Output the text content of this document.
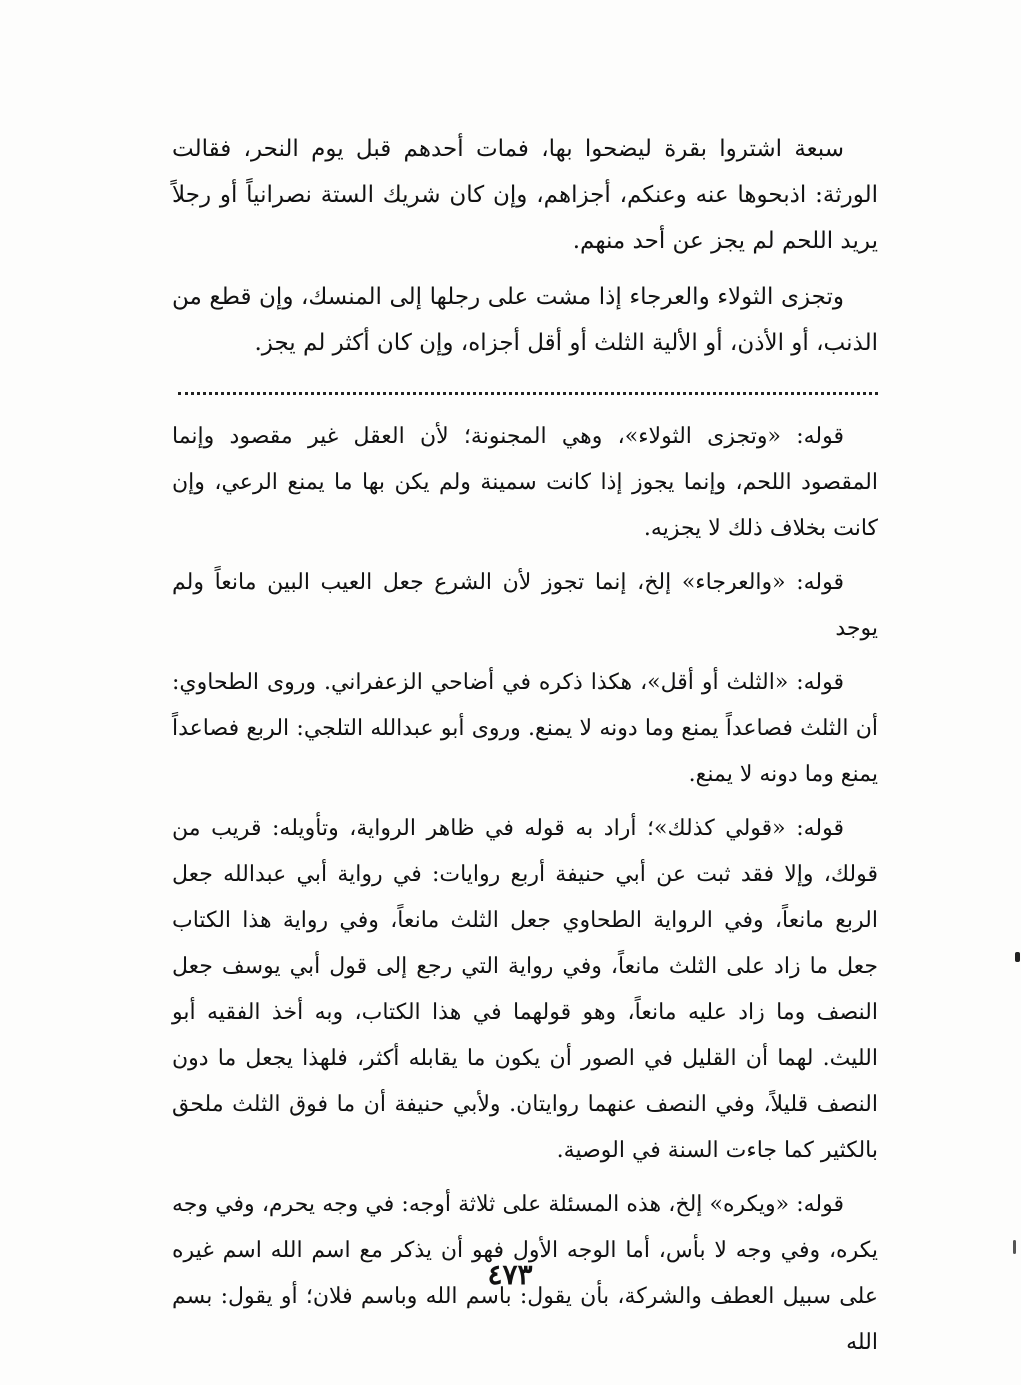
سبعة اشتروا بقرة ليضحوا بها، فمات أحدهم قبل يوم النحر، فقالت الورثة: اذبحوها عنه وعنكم، أجزاهم، وإن كان شريك الستة نصرانياً أو رجلاً يريد اللحم لم يجز عن أحد منهم.

وتجزى الثولاء والعرجاء إذا مشت على رجلها إلى المنسك، وإن قطع من الذنب، أو الأذن، أو الألية الثلث أو أقل أجزاه، وإن كان أكثر لم يجز.

قوله: «وتجزى الثولاء»، وهي المجنونة؛ لأن العقل غير مقصود وإنما المقصود اللحم، وإنما يجوز إذا كانت سمينة ولم يكن بها ما يمنع الرعي، وإن كانت بخلاف ذلك لا يجزيه.

قوله: «والعرجاء» إلخ، إنما تجوز لأن الشرع جعل العيب البين مانعاً ولم يوجد

قوله: «الثلث أو أقل»، هكذا ذكره في أضاحي الزعفراني. وروى الطحاوي: أن الثلث فصاعداً يمنع وما دونه لا يمنع. وروى أبو عبدالله التلجي: الربع فصاعداً يمنع وما دونه لا يمنع.

قوله: «قولي كذلك»؛ أراد به قوله في ظاهر الرواية، وتأويله: قريب من قولك، وإلا فقد ثبت عن أبي حنيفة أربع روايات: في رواية أبي عبدالله جعل الربع مانعاً، وفي الرواية الطحاوي جعل الثلث مانعاً، وفي رواية هذا الكتاب جعل ما زاد على الثلث مانعاً، وفي رواية التي رجع إلى قول أبي يوسف جعل النصف وما زاد عليه مانعاً، وهو قولهما في هذا الكتاب، وبه أخذ الفقيه أبو الليث. لهما أن القليل في الصور أن يكون ما يقابله أكثر، فلهذا يجعل ما دون النصف قليلاً، وفي النصف عنهما روايتان. ولأبي حنيفة أن ما فوق الثلث ملحق بالكثير كما جاءت السنة في الوصية.

قوله: «ويكره» إلخ، هذه المسئلة على ثلاثة أوجه: في وجه يحرم، وفي وجه يكره، وفي وجه لا بأس، أما الوجه الأول فهو أن يذكر مع اسم الله اسم غيره على سبيل العطف والشركة، بأن يقول: باسم الله وباسم فلان؛ أو يقول: بسم الله

٤٧٣
